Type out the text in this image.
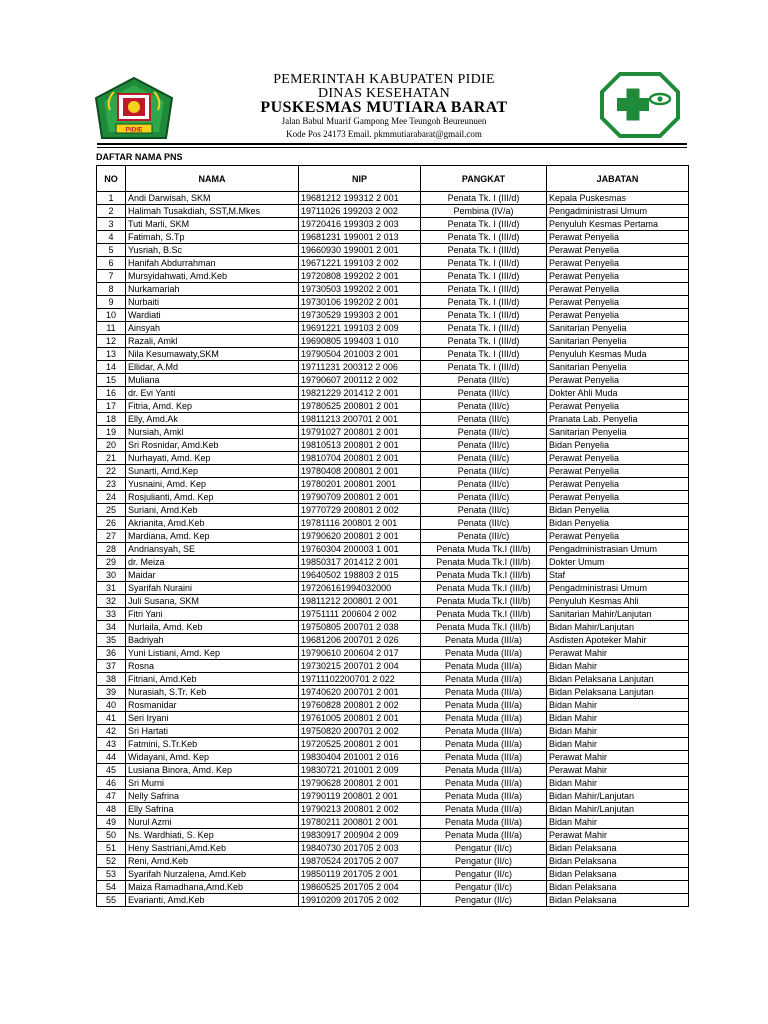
PIDIE
PEMERINTAH KABUPATEN PIDIE
DINAS KESEHATAN
PUSKESMAS MUTIARA BARAT
Jalan Babul Muarif Gampong Mee Teungoh Beureunuen
Kode Pos 24173 Email. pkmmutiarabarat@gmail.com
DAFTAR NAMA PNS
NO	NAMA	NIP	PANGKAT	JABATAN
1	Andi Darwisah, SKM	19681212 199312 2 001	Penata Tk. I (III/d)	Kepala Puskesmas
2	Halimah Tusakdiah, SST,M.Mkes	19711026 199203 2 002	Pembina (IV/a)	Pengadministrasi Umum
3	Tuti Marli, SKM	19720416 199303 2 003	Penata Tk. I (III/d)	Penyuluh Kesmas Pertama
4	Fatimah, S.Tp	19681231 199001 2 013	Penata Tk. I (III/d)	Perawat Penyelia
5	Yusriah, B.Sc	19660930 199001 2 001	Penata Tk. I (III/d)	Perawat Penyelia
6	Hanifah Abdurrahman	19671221 199103 2 002	Penata Tk. I (III/d)	Perawat Penyelia
7	Mursyidahwati, Amd.Keb	19720808 199202 2 001	Penata Tk. I (III/d)	Perawat Penyelia
8	Nurkamariah	19730503 199202 2 001	Penata Tk. I (III/d)	Perawat Penyelia
9	Nurbaiti	19730106 199202 2 001	Penata Tk. I (III/d)	Perawat Penyelia
10	Wardiati	19730529 199303 2 001	Penata Tk. I (III/d)	Perawat Penyelia
11	Ainsyah	19691221 199103 2 009	Penata Tk. I (III/d)	Sanitarian Penyelia
12	Razali, Amkl	19690805 199403 1 010	Penata Tk. I (III/d)	Sanitarian Penyelia
13	Nila Kesumawaty,SKM	19790504 201003 2 001	Penata Tk. I (III/d)	Penyuluh Kesmas Muda
14	Ellidar, A.Md	19711231 200312 2 006	Penata Tk. I (III/d)	Sanitarian Penyelia
15	Muliana	19790607 200112 2 002	Penata (III/c)	Perawat Penyelia
16	dr. Evi Yanti	19821229 201412 2 001	Penata (III/c)	Dokter Ahli Muda
17	Fitria, Amd. Kep	19780525 200801 2 001	Penata (III/c)	Perawat Penyelia
18	Elly, Amd.Ak	19811213 200701 2 001	Penata (III/c)	Pranata Lab. Penyelia
19	Nursiah, Amkl	19791027 200801 2 001	Penata (III/c)	Sanitarian Penyelia
20	Sri Rosnidar, Amd.Keb	19810513 200801 2 001	Penata (III/c)	Bidan Penyelia
21	Nurhayati, Amd. Kep	19810704 200801 2 001	Penata (III/c)	Perawat Penyelia
22	Sunarti, Amd.Kep	19780408 200801 2 001	Penata (III/c)	Perawat Penyelia
23	Yusnaini, Amd. Kep	19780201 200801 2001	Penata (III/c)	Perawat Penyelia
24	Rosjulianti, Amd. Kep	19790709 200801 2 001	Penata (III/c)	Perawat Penyelia
25	Suriani, Amd.Keb	19770729 200801 2 002	Penata (III/c)	Bidan Penyelia
26	Akrianita, Amd.Keb	19781116 200801 2 001	Penata (III/c)	Bidan Penyelia
27	Mardiana, Amd. Kep	19790620 200801 2 001	Penata (III/c)	Perawat Penyelia
28	Andriansyah, SE	19760304 200003 1 001	Penata Muda Tk.I (III/b)	Pengadministrasian Umum
29	dr. Meiza	19850317 201412 2 001	Penata Muda Tk.I (III/b)	Dokter Umum
30	Maidar	19640502 198803 2 015	Penata Muda Tk.I (III/b)	Staf
31	Syarifah Nuraini	197206161994032000	Penata Muda Tk.I (III/b)	Pengadministrasi Umum
32	Juli Susana, SKM	19811212 200801 2 001	Penata Muda Tk.I (III/b)	Penyuluh Kesmas Ahli
33	Fitri Yani	19751111 200604 2 002	Penata Muda Tk.I (III/b)	Sanitarian Mahir/Lanjutan
34	Nurlaila, Amd. Keb	19750805 200701 2 038	Penata Muda Tk.I (III/b)	Bidan Mahir/Lanjutan
35	Badriyah	19681206 200701 2 026	Penata Muda (III/a)	Asdisten Apoteker Mahir
36	Yuni Listiani, Amd. Kep	19790610 200604 2 017	Penata Muda (III/a)	Perawat Mahir
37	Rosna	19730215 200701 2 004	Penata Muda (III/a)	Bidan Mahir
38	Fitriani, Amd.Keb	19711102200701 2 022	Penata Muda (III/a)	Bidan Pelaksana Lanjutan
39	Nurasiah, S.Tr. Keb	19740620 200701 2 001	Penata Muda (III/a)	Bidan Pelaksana Lanjutan
40	Rosmanidar	19760828 200801 2 002	Penata Muda (III/a)	Bidan Mahir
41	Seri Iryani	19761005 200801 2 001	Penata Muda (III/a)	Bidan Mahir
42	Sri Hartati	19750820 200701 2 002	Penata Muda (III/a)	Bidan Mahir
43	Fatmini, S.Tr.Keb	19720525 200801 2 001	Penata Muda (III/a)	Bidan Mahir
44	Widayani, Amd. Kep	19830404 201001 2 016	Penata Muda (III/a)	Perawat Mahir
45	Lusiana Binora, Amd. Kep	19830721 201001 2 009	Penata Muda (III/a)	Perawat Mahir
46	Sri Murni	19790628 200801 2 001	Penata Muda (III/a)	Bidan Mahir
47	Nelly Safrina	19790119 200801 2 001	Penata Muda (III/a)	Bidan Mahir/Lanjutan
48	Elly Safrina	19790213 200801 2 002	Penata Muda (III/a)	Bidan Mahir/Lanjutan
49	Nurul Azmi	19780211 200801 2 001	Penata Muda (III/a)	Bidan Mahir
50	Ns. Wardhiati, S. Kep	19830917 200904 2 009	Penata Muda (III/a)	Perawat Mahir
51	Heny Sastriani,Amd.Keb	19840730 201705 2 003	Pengatur (II/c)	Bidan Pelaksana
52	Reni, Amd.Keb	19870524 201705 2 007	Pengatur (II/c)	Bidan Pelaksana
53	Syarifah Nurzalena, Amd.Keb	19850119 201705 2 001	Pengatur (II/c)	Bidan Pelaksana
54	Maiza Ramadhana,Amd.Keb	19860525 201705 2 004	Pengatur (II/c)	Bidan Pelaksana
55	Evarianti, Amd.Keb	19910209 201705 2 002	Pengatur (II/c)	Bidan Pelaksana
